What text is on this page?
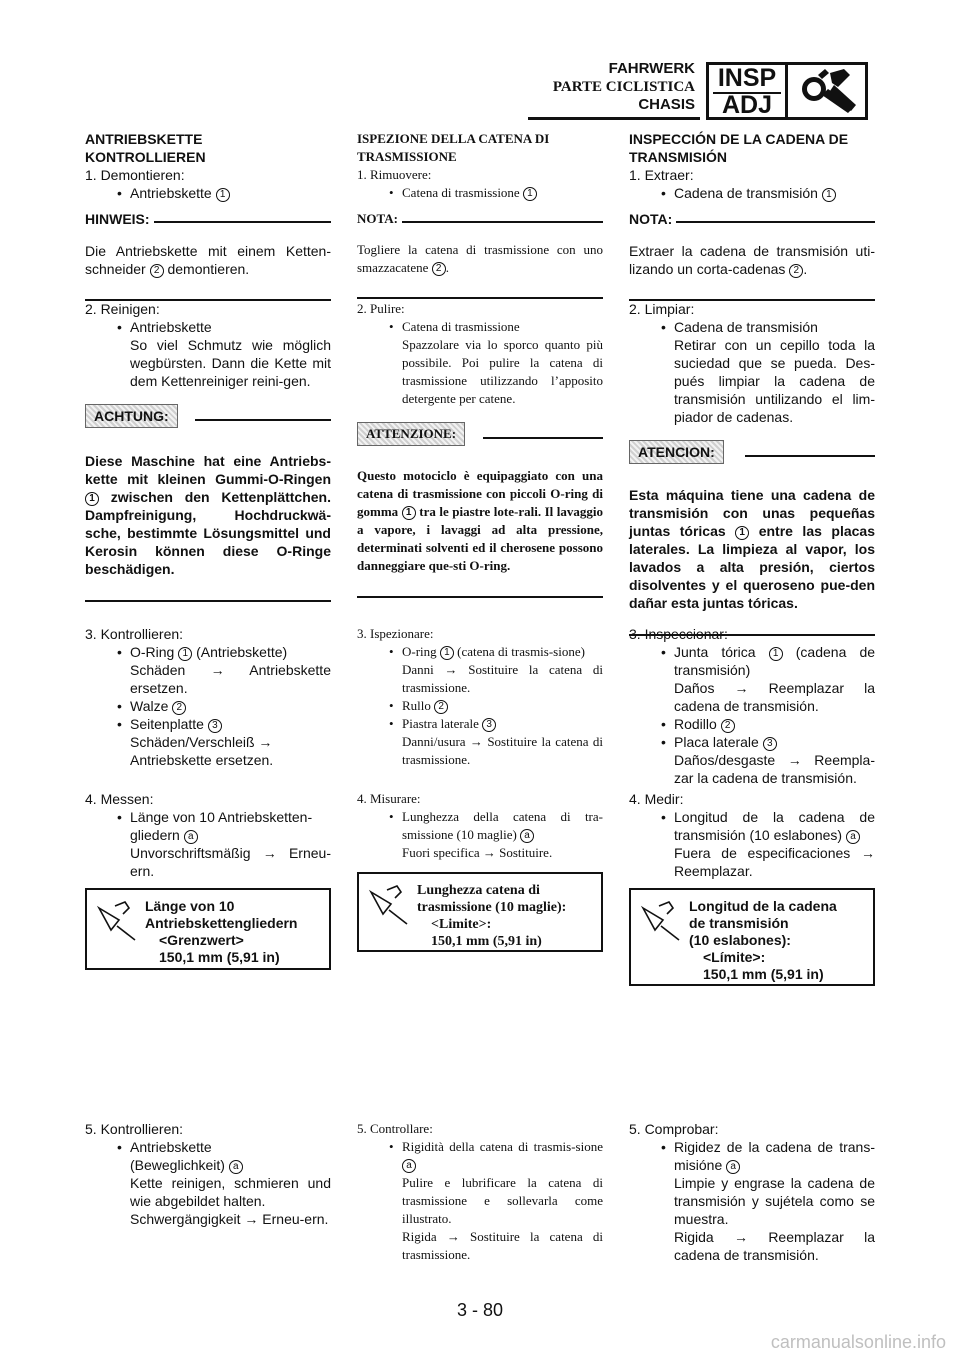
FAHRWERK
PARTE CICLISTICA
CHASIS
INSP
ADJ

ANTRIEBSKETTE

KONTROLLIEREN

1. Demontieren:

• Antriebskette 1

HINWEIS:

Die Antriebskette mit einem Ketten- schneider 2 demontieren.

2. Reinigen:

• Antriebskette

So viel Schmutz wie möglich wegbürsten. Dann die Kette mit dem Kettenreiniger reini-gen.

ACHTUNG:

Diese Maschine hat eine Antriebs-kette mit kleinen Gummi-O-Ringen 1 zwischen den Kettenplättchen. Dampfreinigung, Hochdruckwä-sche, bestimmte Lösungsmittel und Kerosin können diese O-Ringe beschädigen.

3. Kontrollieren:

• O-Ring 1 (Antriebskette)

Schäden → Antriebskette ersetzen.

• Walze 2

• Seitenplatte 3

Schäden/Verschleiß → Antriebskette ersetzen.

4. Messen:

• Länge von 10 Antriebsketten-gliedern a

Unvorschriftsmäßig → Erneu-ern.

Länge von 10
Antriebskettengliedern
<Grenzwert>
150,1 mm (5,91 in)

5. Kontrollieren:

• Antriebskette

(Beweglichkeit) a

Kette reinigen, schmieren und wie abgebildet halten.

Schwergängigkeit → Erneu-ern.

ISPEZIONE DELLA CATENA DI

TRASMISSIONE

1. Rimuovere:

• Catena di trasmissione 1

NOTA:

Togliere la catena di trasmissione con uno smazzacatene 2 .

2. Pulire:

• Catena di trasmissione

Spazzolare via lo sporco quanto più possibile. Poi pulire la catena di trasmissione utilizzando l’apposito detergente per catene.

ATTENZIONE:

Questo motociclo è equipaggiato con una catena di trasmissione con piccoli O-ring di gomma 1 tra le piastre lote-rali. Il lavaggio a vapore, i lavaggi ad alta pressione, determinati solventi ed il cherosene possono danneggiare que-sti O-ring.

3. Ispezionare:

• O-ring 1 (catena di trasmis-sione)

Danni → Sostituire la catena di trasmissione.

• Rullo 2

• Piastra laterale 3

Danni/usura → Sostituire la catena di trasmissione.

4. Misurare:

• Lunghezza della catena di tra-smissione (10 maglie) a

Fuori specifica → Sostituire.

Lunghezza catena di
trasmissione (10 maglie):
<Limite>:
150,1 mm (5,91 in)

5. Controllare:

• Rigidità della catena di trasmis-sione a

Pulire e lubrificare la catena di trasmissione e sollevarla come illustrato.

Rigida → Sostituire la catena di trasmissione.

INSPECCIÓN DE LA CADENA DE

TRANSMISIÓN

1. Extraer:

• Cadena de transmisión 1

NOTA:

Extraer la cadena de transmisión uti-lizando un corta-cadenas 2 .

2. Limpiar:

• Cadena de transmisión

Retirar con un cepillo toda la suciedad que se pueda. Des-pués limpiar la cadena de transmisión untilizando el lim-piador de cadenas.

ATENCION:

Esta máquina tiene una cadena de transmisión con unas pequeñas juntas tóricas 1 entre las placas laterales. La limpieza al vapor, los lavados a alta presión, ciertos disolventes y el queroseno pue-den dañar esta juntas tóricas.

3. Inspeccionar:

• Junta tórica 1 (cadena de transmisión)

Daños → Reemplazar la cadena de transmisión.

• Rodillo 2

• Placa laterale 3

Daños/desgaste → Reempla-zar la cadena de transmisión.

4. Medir:

• Longitud de la cadena de transmisión (10 eslabones) a

Fuera de especificaciones → Reemplazar.

Longitud de la cadena
de transmisión
(10 eslabones):
<Límite>:
150,1 mm (5,91 in)

5. Comprobar:

• Rigidez de la cadena de trans-misióne a

Limpie y engrase la cadena de transmisión y sujétela como se muestra.

Rigida → Reemplazar la cadena de transmisión.

3 - 80
carmanualsonline.info
